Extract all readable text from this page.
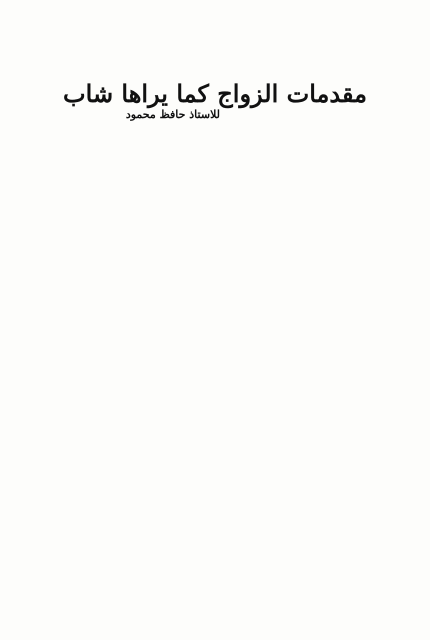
مقدمات الزواج كما يراها شاب
للاستاذ حافظ محمود
